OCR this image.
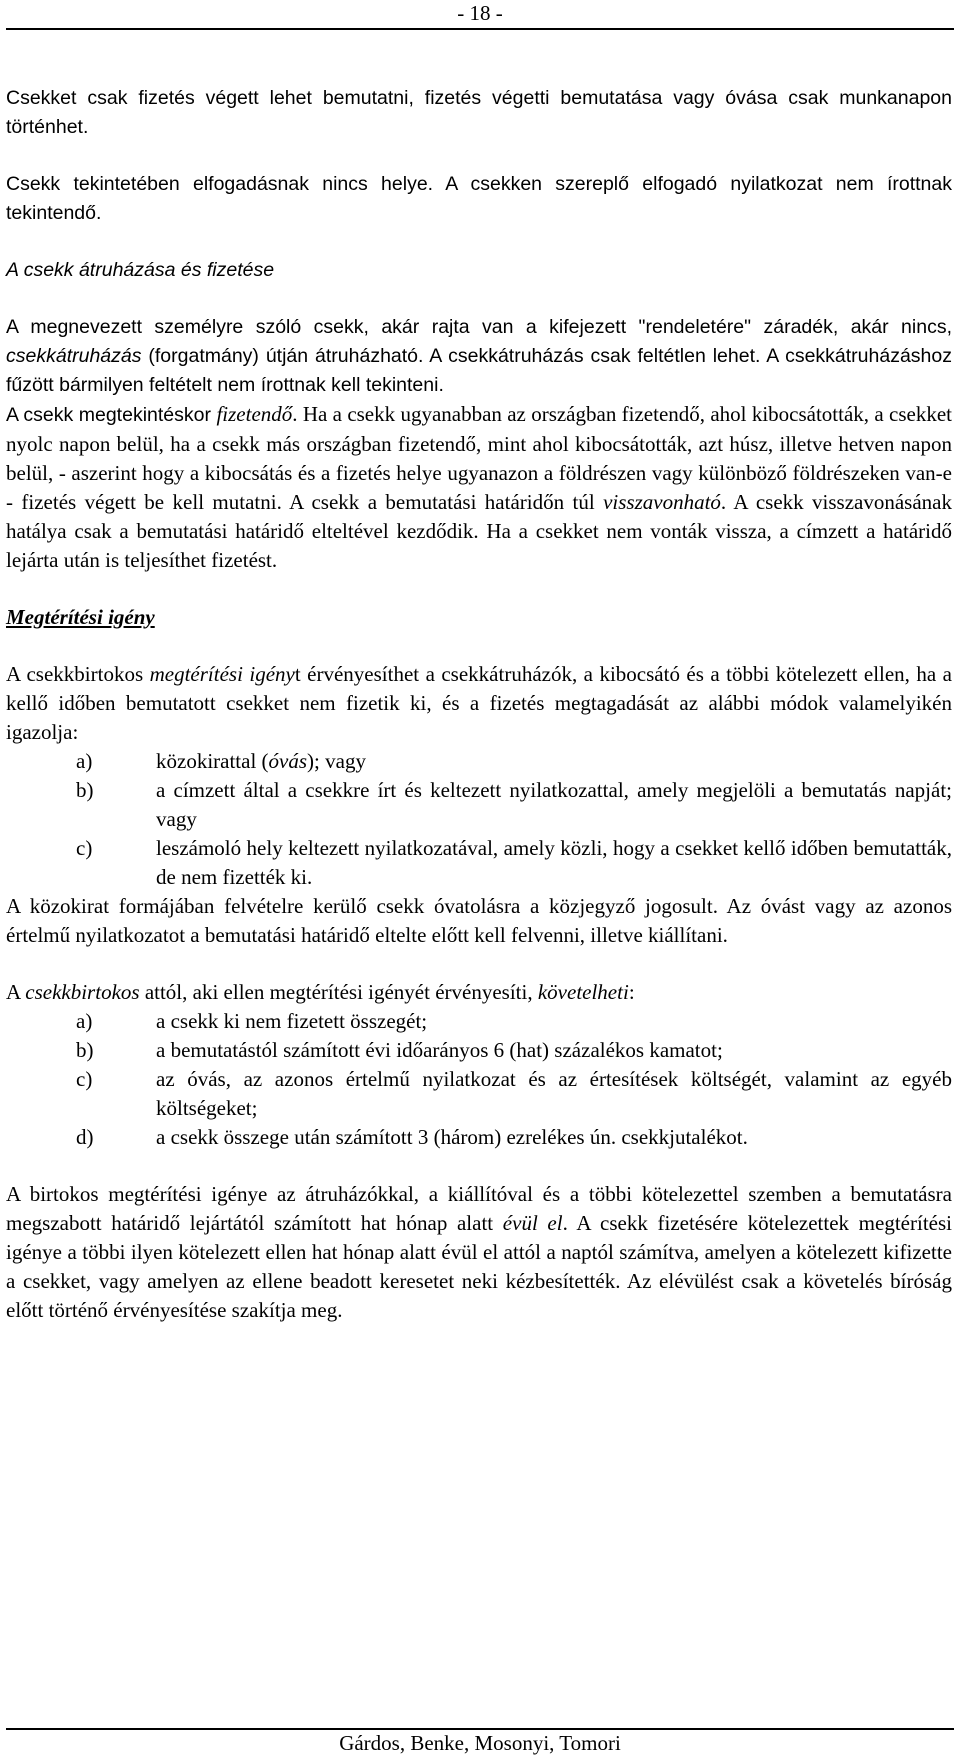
- 18 -

Csekket csak fizetés végett lehet bemutatni, fizetés végetti bemutatása vagy óvása csak munkanapon történhet.

Csekk tekintetében elfogadásnak nincs helye. A csekken szereplő elfogadó nyilatkozat nem írottnak tekintendő.

A csekk átruházása és fizetése

A megnevezett személyre szóló csekk, akár rajta van a kifejezett "rendeletére" záradék, akár nincs, csekkátruházás (forgatmány) útján átruházható. A csekkátruházás csak feltétlen lehet. A csekkátruházáshoz fűzött bármilyen feltételt nem írottnak kell tekinteni.

A csekk megtekintéskor fizetendő. Ha a csekk ugyanabban az országban fizetendő, ahol kibocsátották, a csekket nyolc napon belül, ha a csekk más országban fizetendő, mint ahol kibocsátották, azt húsz, illetve hetven napon belül, - aszerint hogy a kibocsátás és a fizetés helye ugyanazon a földrészen vagy különböző földrészeken van-e - fizetés végett be kell mutatni. A csekk a bemutatási határidőn túl visszavonható. A csekk visszavonásának hatálya csak a bemutatási határidő elteltével kezdődik. Ha a csekket nem vonták vissza, a címzett a határidő lejárta után is teljesíthet fizetést.

Megtérítési igény

A csekkbirtokos megtérítési igényt érvényesíthet a csekkátruházók, a kibocsátó és a többi kötelezett ellen, ha a kellő időben bemutatott csekket nem fizetik ki, és a fizetés megtagadását az alábbi módok valamelyikén igazolja:

a)	közokirattal (óvás); vagy
b)	a címzett által a csekkre írt és keltezett nyilatkozattal, amely megjelöli a bemutatás napját; vagy
c)	leszámoló hely keltezett nyilatkozatával, amely közli, hogy a csekket kellő időben bemutatták, de nem fizették ki.

A közokirat formájában felvételre kerülő csekk óvatolásra a közjegyző jogosult. Az óvást vagy az azonos értelmű nyilatkozatot a bemutatási határidő eltelte előtt kell felvenni, illetve kiállítani.

A csekkbirtokos attól, aki ellen megtérítési igényét érvényesíti, követelheti:

a)	a csekk ki nem fizetett összegét;
b)	a bemutatástól számított évi időarányos 6 (hat) százalékos kamatot;
c)	az óvás, az azonos értelmű nyilatkozat és az értesítések költségét, valamint az egyéb költségeket;
d)	a csekk összege után számított 3 (három) ezrelékes ún. csekkjutalékot.

A birtokos megtérítési igénye az átruházókkal, a kiállítóval és a többi kötelezettel szemben a bemutatásra megszabott határidő lejártától számított hat hónap alatt évül el. A csekk fizetésére kötelezettek megtérítési igénye a többi ilyen kötelezett ellen hat hónap alatt évül el attól a naptól számítva, amelyen a kötelezett kifizette a csekket, vagy amelyen az ellene beadott keresetet neki kézbesítették. Az elévülést csak a követelés bíróság előtt történő érvényesítése szakítja meg.

Gárdos, Benke, Mosonyi, Tomori
